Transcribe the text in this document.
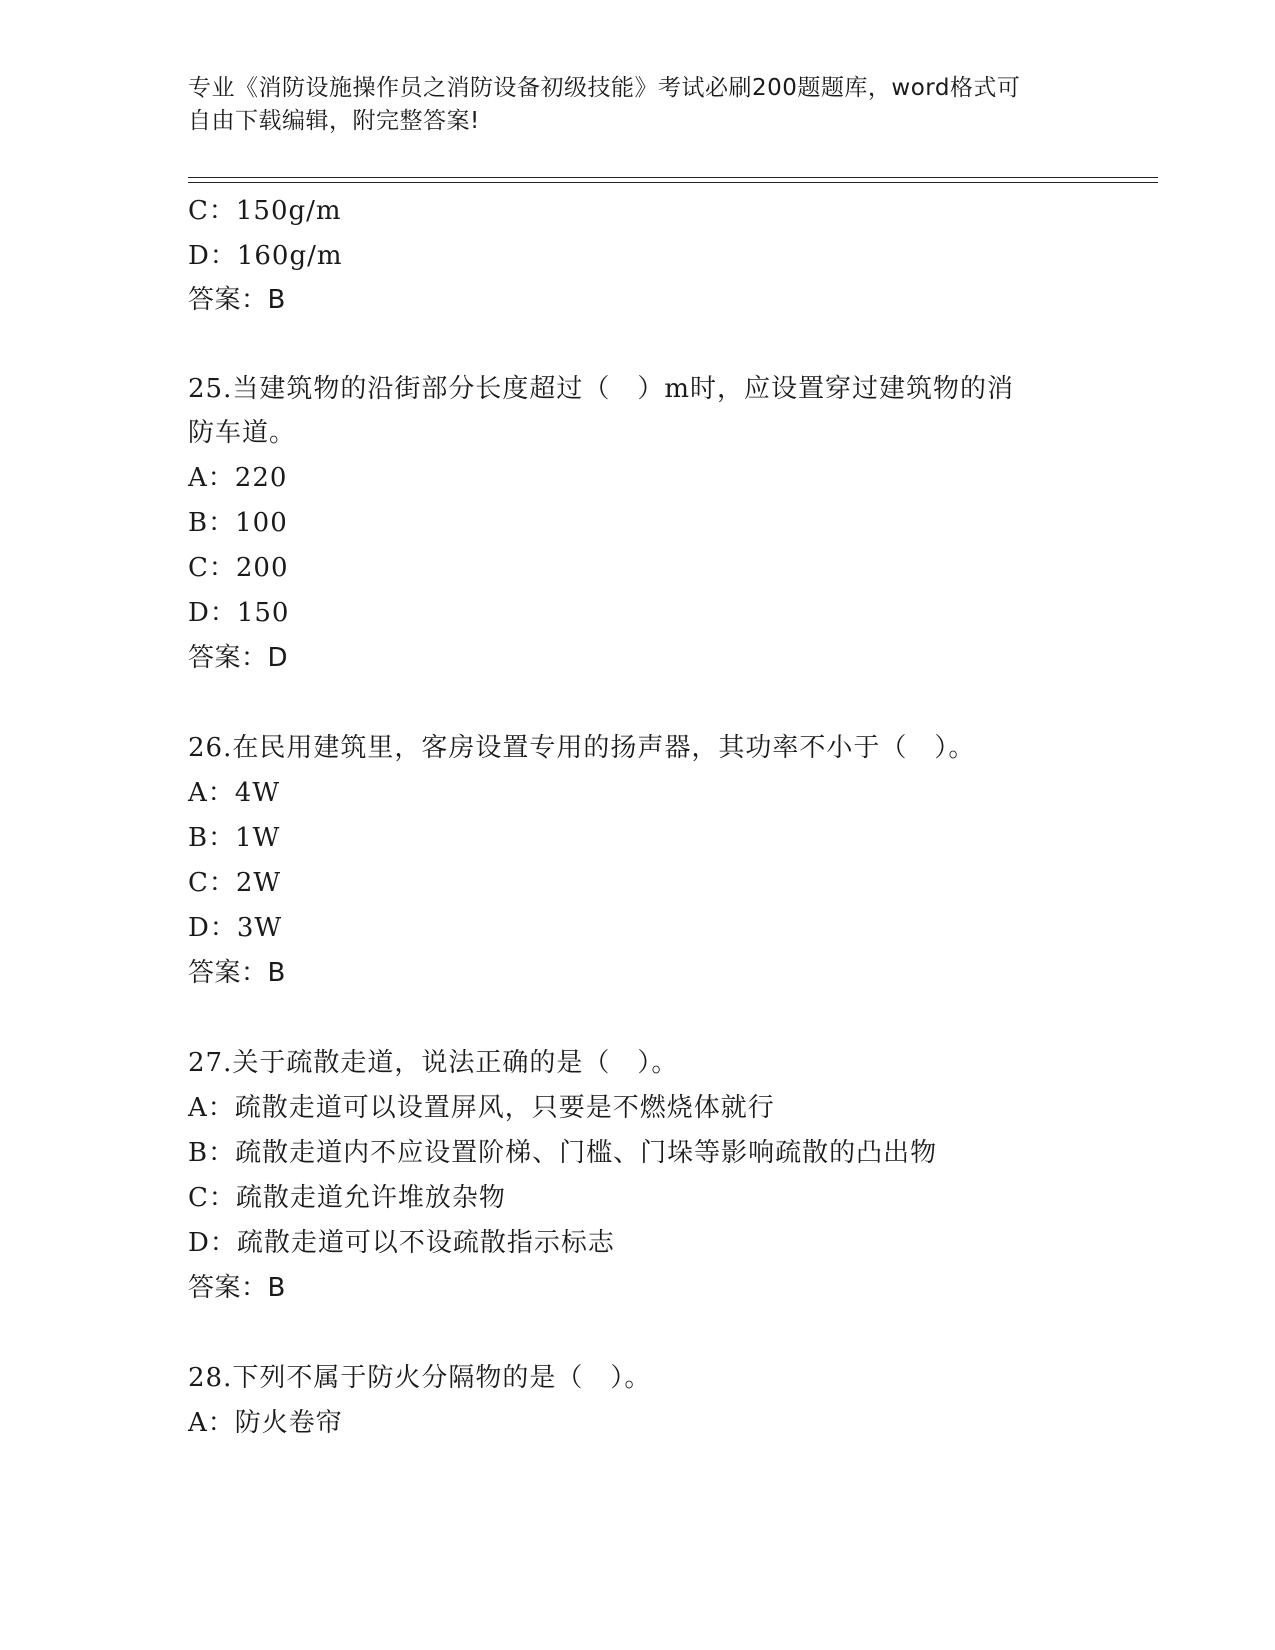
专业《消防设施操作员之消防设备初级技能》考试必刷200题题库，word格式可
自由下载编辑，附完整答案!
C：150g/m
D：160g/m
答案：B
25.当建筑物的沿街部分长度超过（　）m时，应设置穿过建筑物的消
防车道。
A：220
B：100
C：200
D：150
答案：D
26.在民用建筑里，客房设置专用的扬声器，其功率不小于（　）。
A：4W
B：1W
C：2W
D：3W
答案：B
27.关于疏散走道，说法正确的是（　）。
A：疏散走道可以设置屏风，只要是不燃烧体就行
B：疏散走道内不应设置阶梯、门槛、门垛等影响疏散的凸出物
C：疏散走道允许堆放杂物
D：疏散走道可以不设疏散指示标志
答案：B
28.下列不属于防火分隔物的是（　）。
A：防火卷帘
